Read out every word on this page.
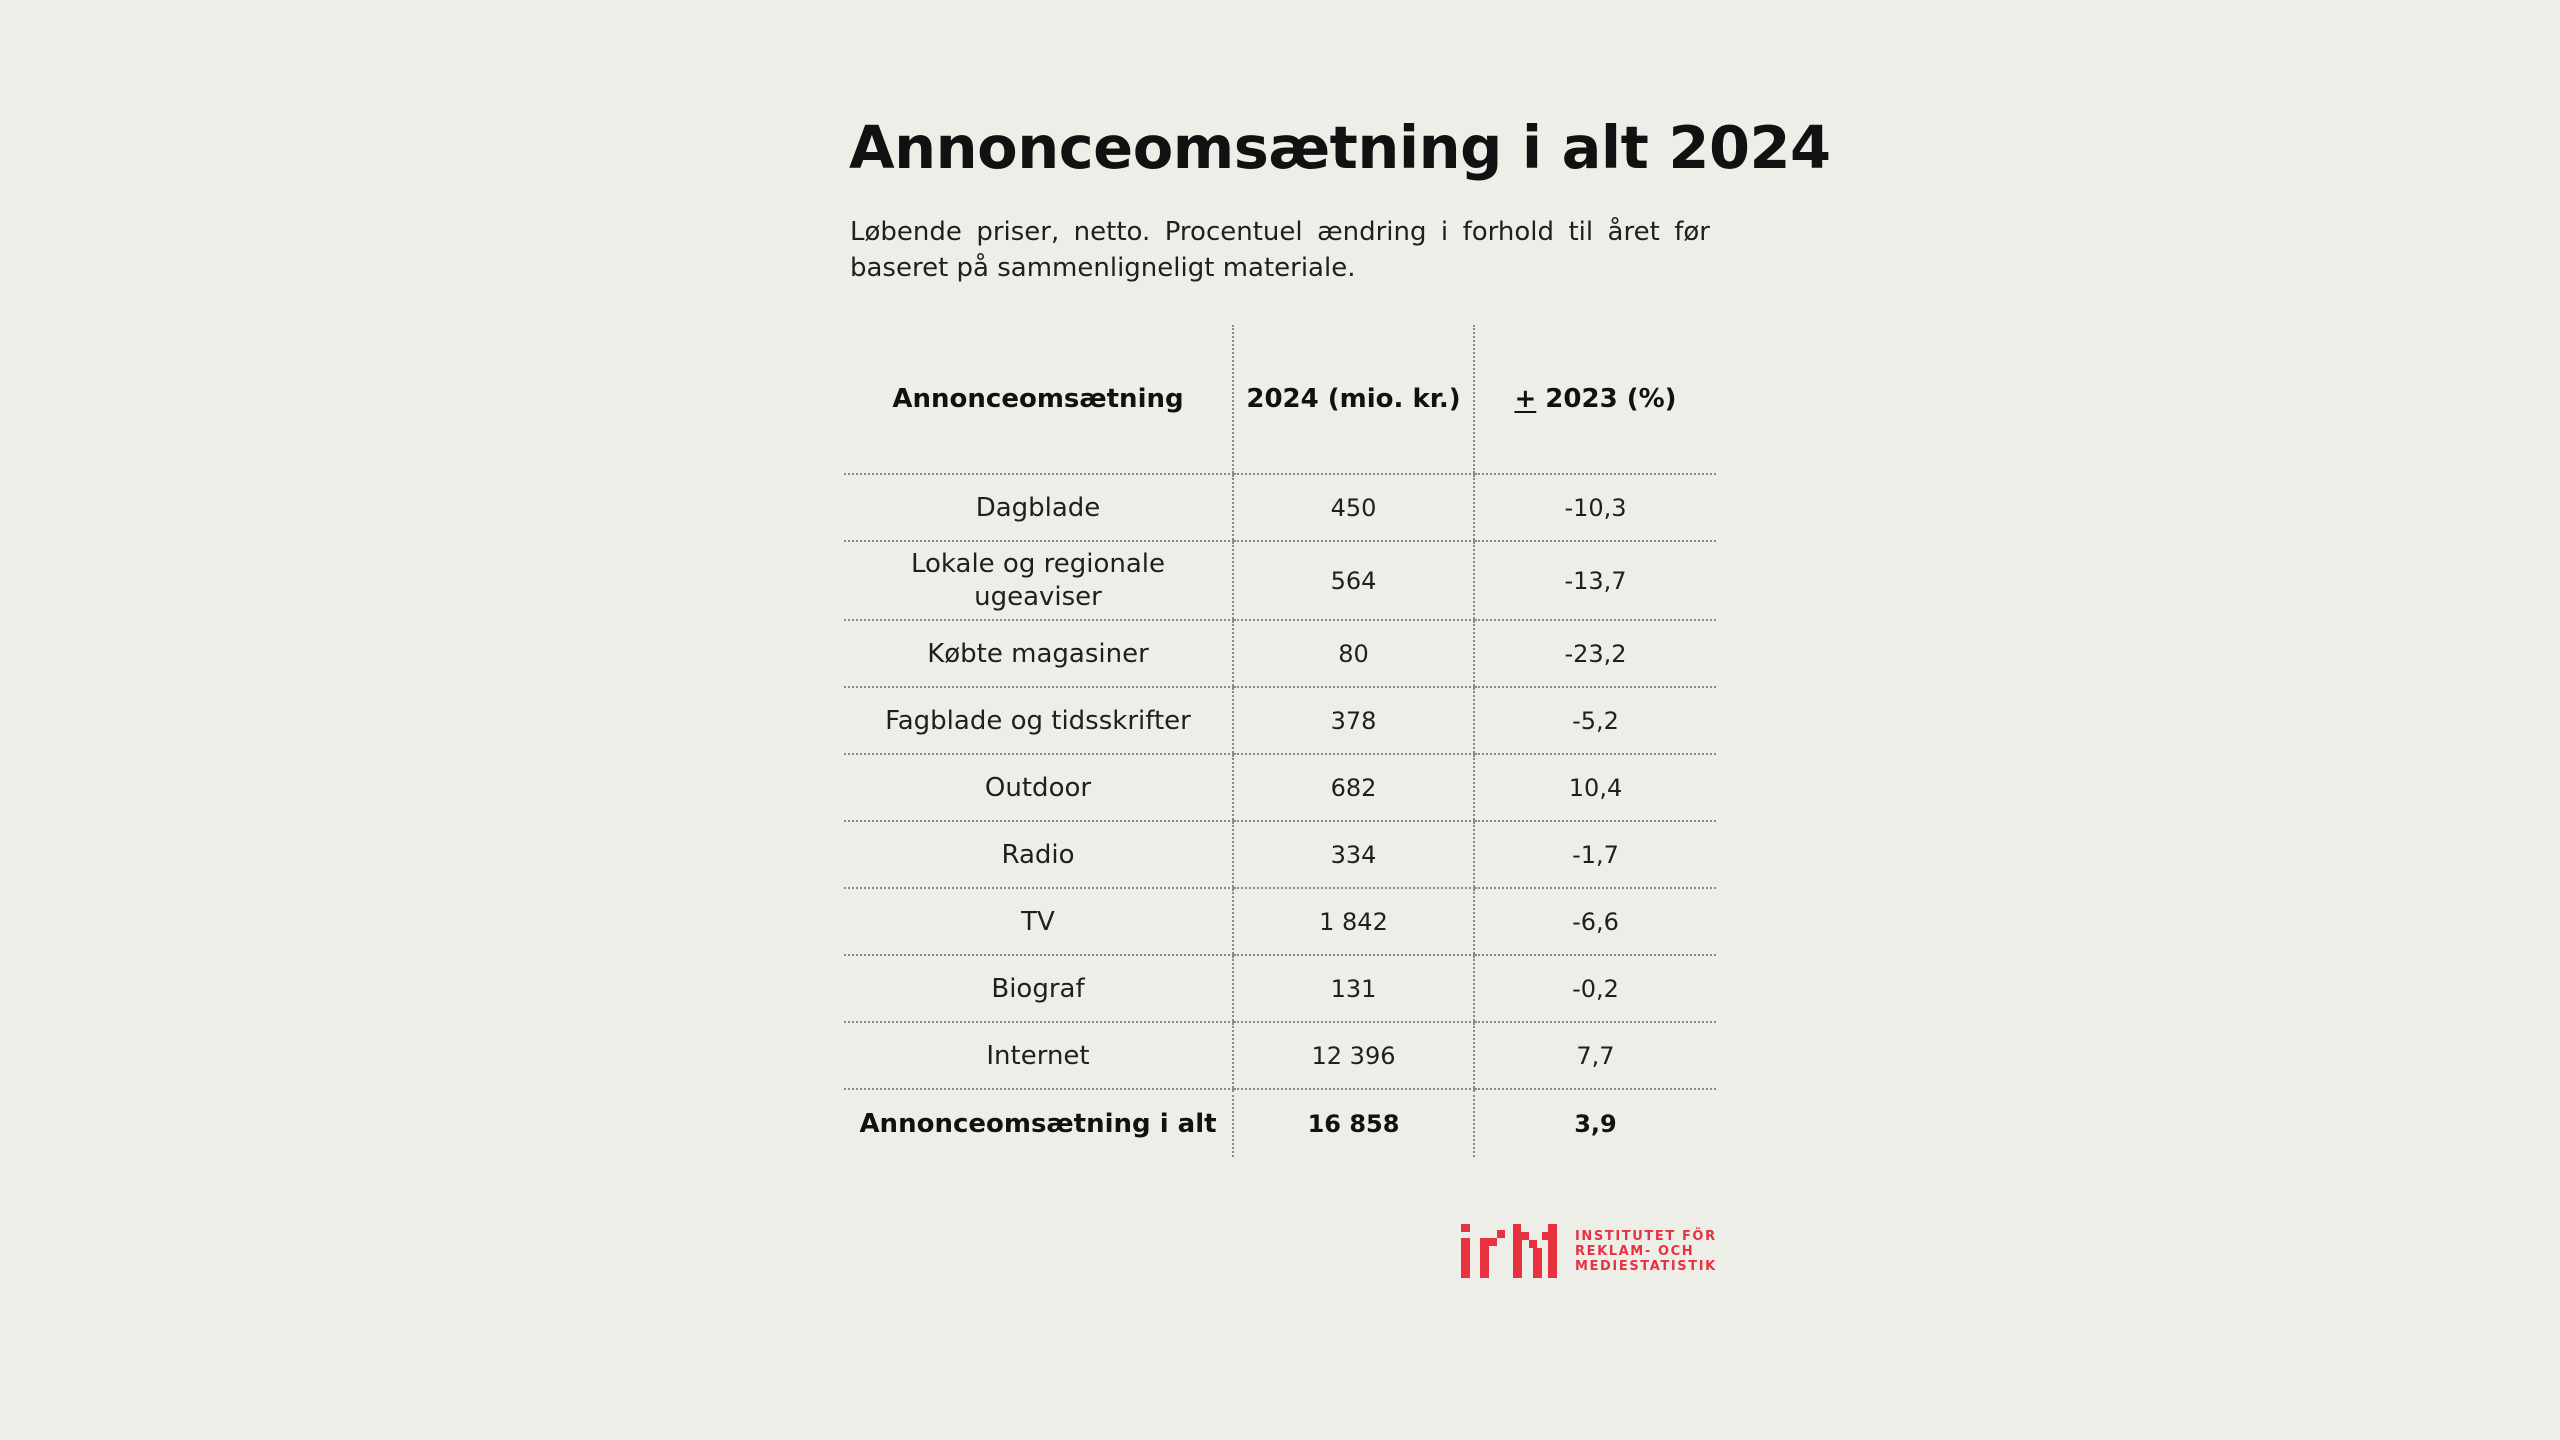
Annonceomsætning i alt 2024

Løbende priser, netto. Procentuel ændring i forhold til året før baseret på sammenligneligt materiale.

Annonceomsætning	2024 (mio. kr.)	+ 2023 (%)
Dagblade	450	-10,3
Lokale og regionale ugeaviser	564	-13,7
Købte magasiner	80	-23,2
Fagblade og tidsskrifter	378	-5,2
Outdoor	682	10,4
Radio	334	-1,7
TV	1 842	-6,6
Biograf	131	-0,2
Internet	12 396	7,7
Annonceomsætning i alt	16 858	3,9
INSTITUTET FÖR
REKLAM- OCH
MEDIESTATISTIK
